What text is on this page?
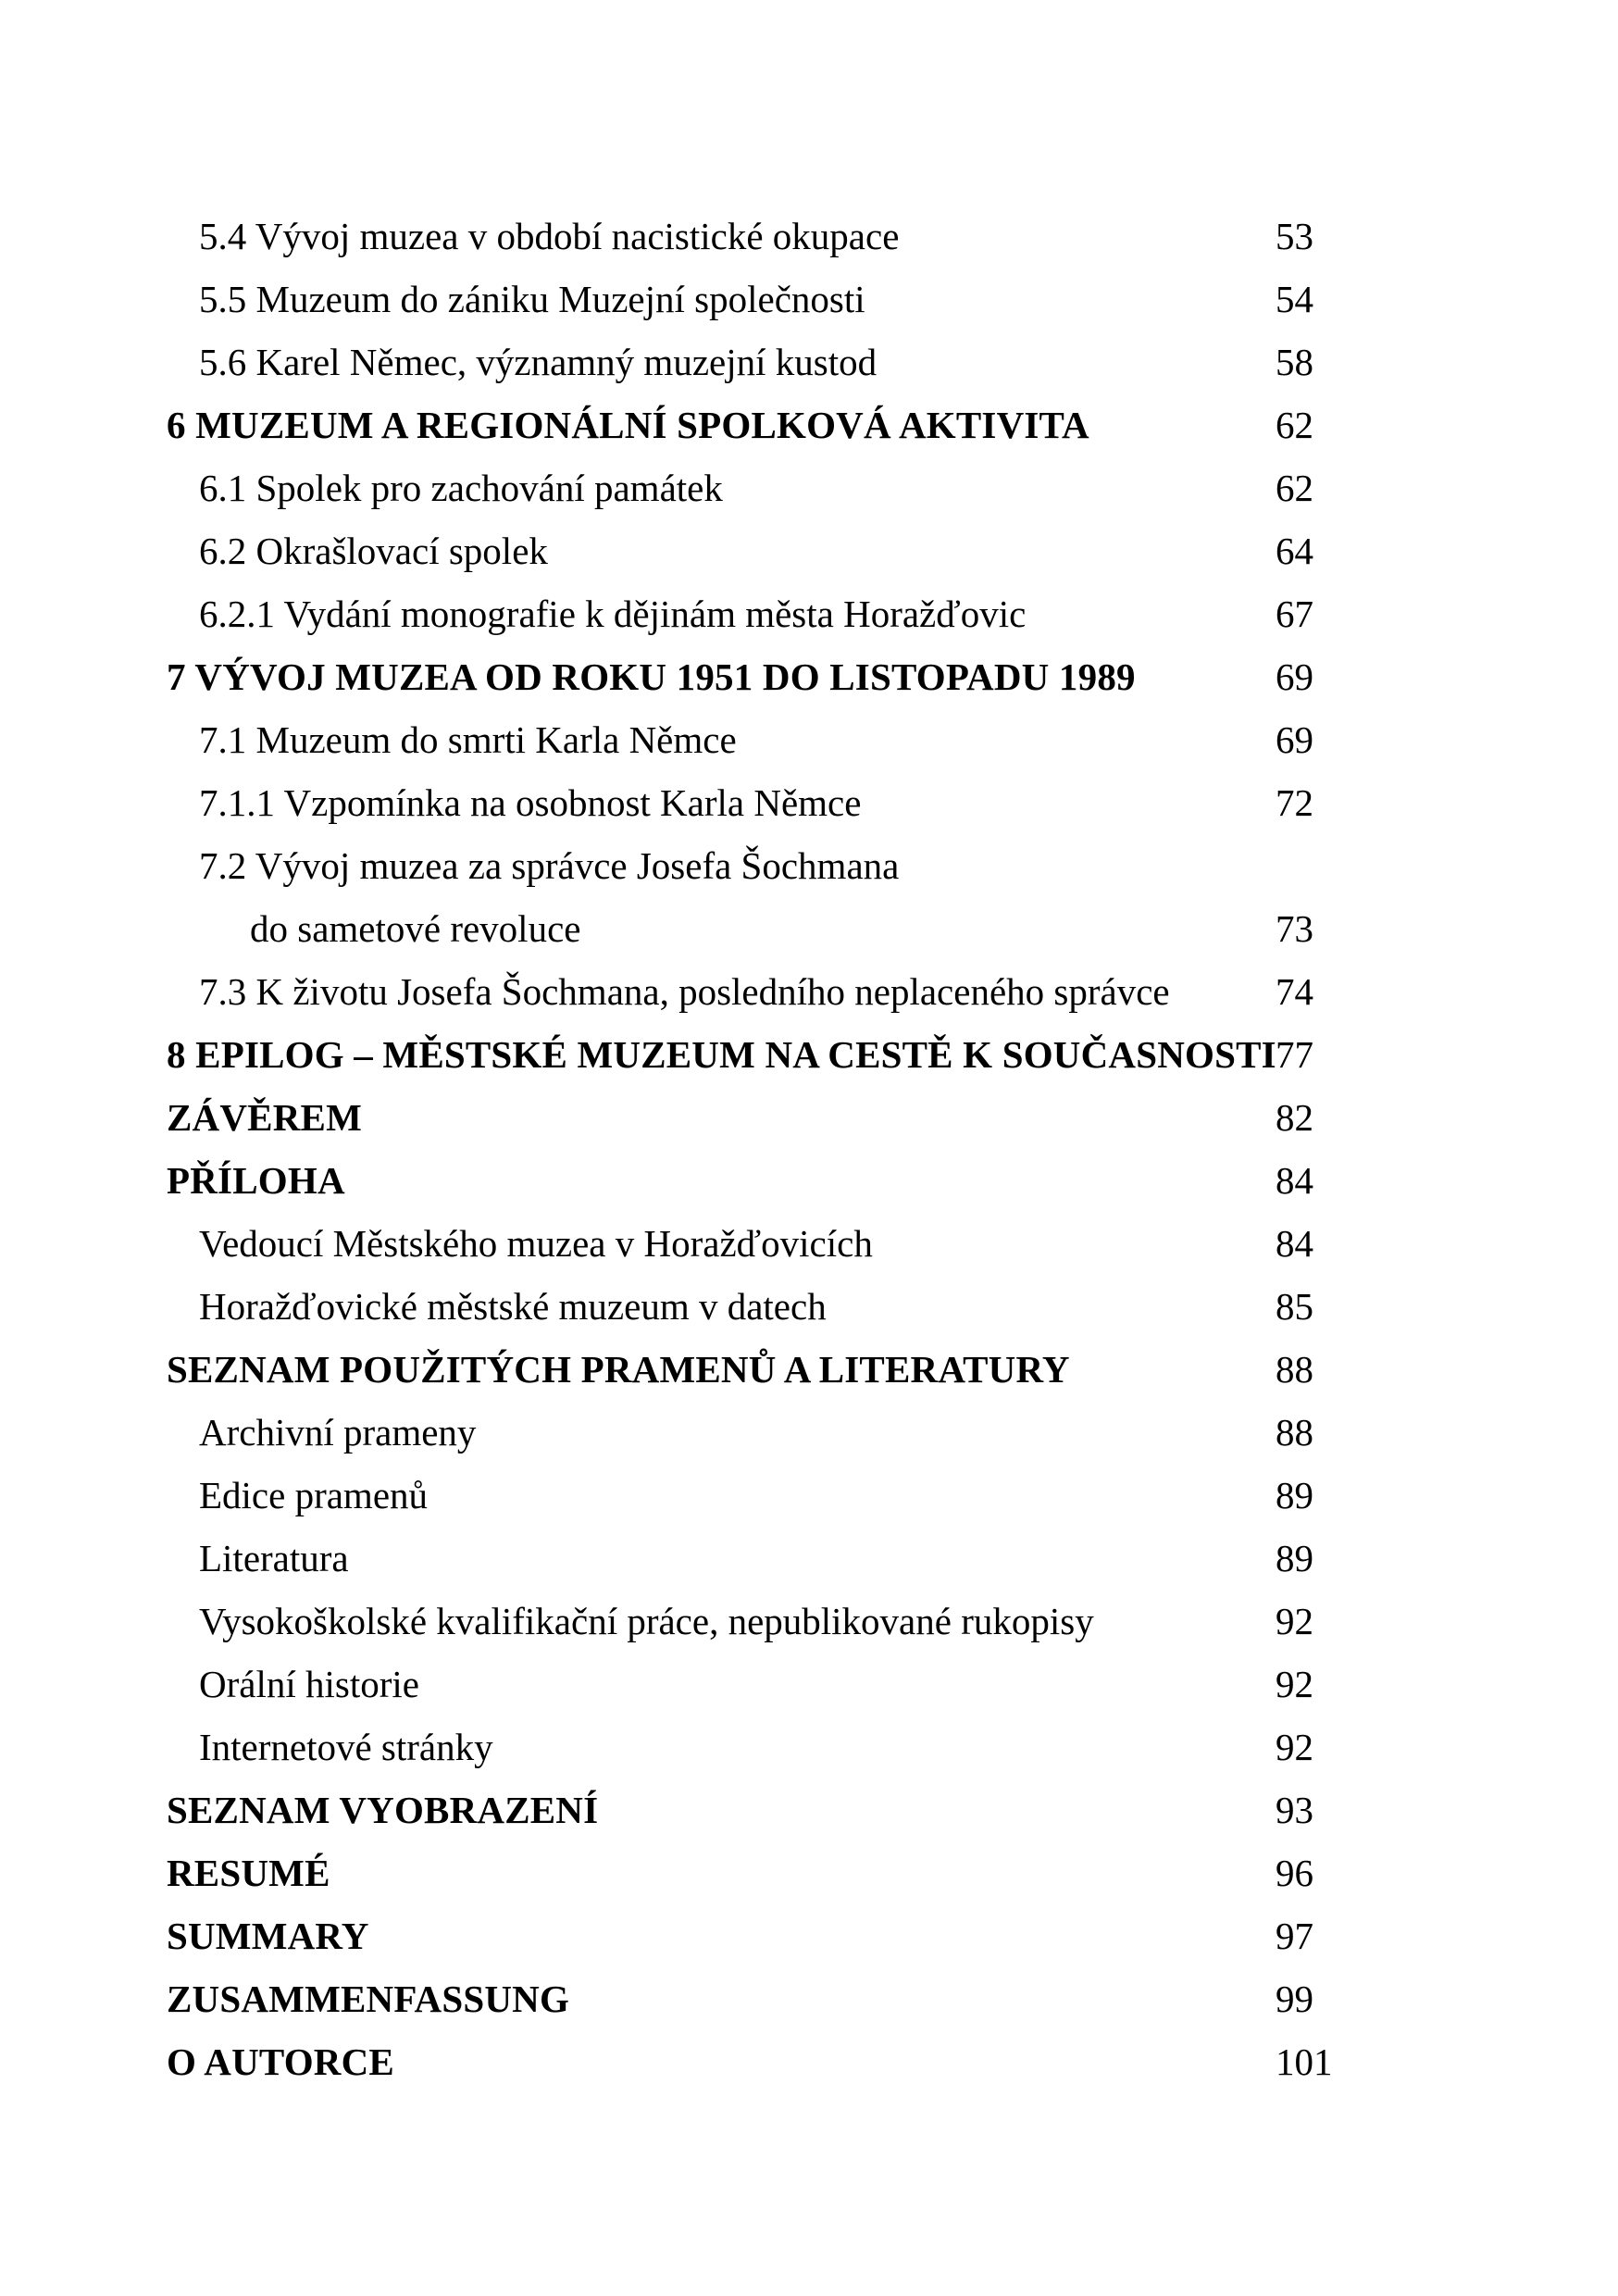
5.4 Vývoj muzea v období nacistické okupace	53
5.5 Muzeum do zániku Muzejní společnosti	54
5.6 Karel Němec, významný muzejní kustod	58
6 MUZEUM A REGIONÁLNÍ SPOLKOVÁ AKTIVITA	62
6.1 Spolek pro zachování památek	62
6.2 Okrašlovací spolek	64
6.2.1 Vydání monografie k dějinám města Horažďovic	67
7 VÝVOJ MUZEA OD ROKU 1951 DO LISTOPADU 1989	69
7.1 Muzeum do smrti Karla Němce	69
7.1.1 Vzpomínka na osobnost Karla Němce	72
7.2 Vývoj muzea za správce Josefa Šochmana
do sametové revoluce	73
7.3 K životu Josefa Šochmana, posledního neplaceného správce	74
8 EPILOG – MĚSTSKÉ MUZEUM NA CESTĚ K SOUČASNOSTI 77
ZÁVĚREM	82
PŘÍLOHA	84
Vedoucí Městského muzea v Horažďovicích	84
Horažďovické městské muzeum v datech	85
SEZNAM POUŽITÝCH PRAMENŮ A LITERATURY	88
Archivní prameny	88
Edice pramenů	89
Literatura	89
Vysokoškolské kvalifikační práce, nepublikované rukopisy	92
Orální historie	92
Internetové stránky	92
SEZNAM VYOBRAZENÍ	93
RESUMÉ	96
SUMMARY	97
ZUSAMMENFASSUNG	99
O AUTORCE	101
